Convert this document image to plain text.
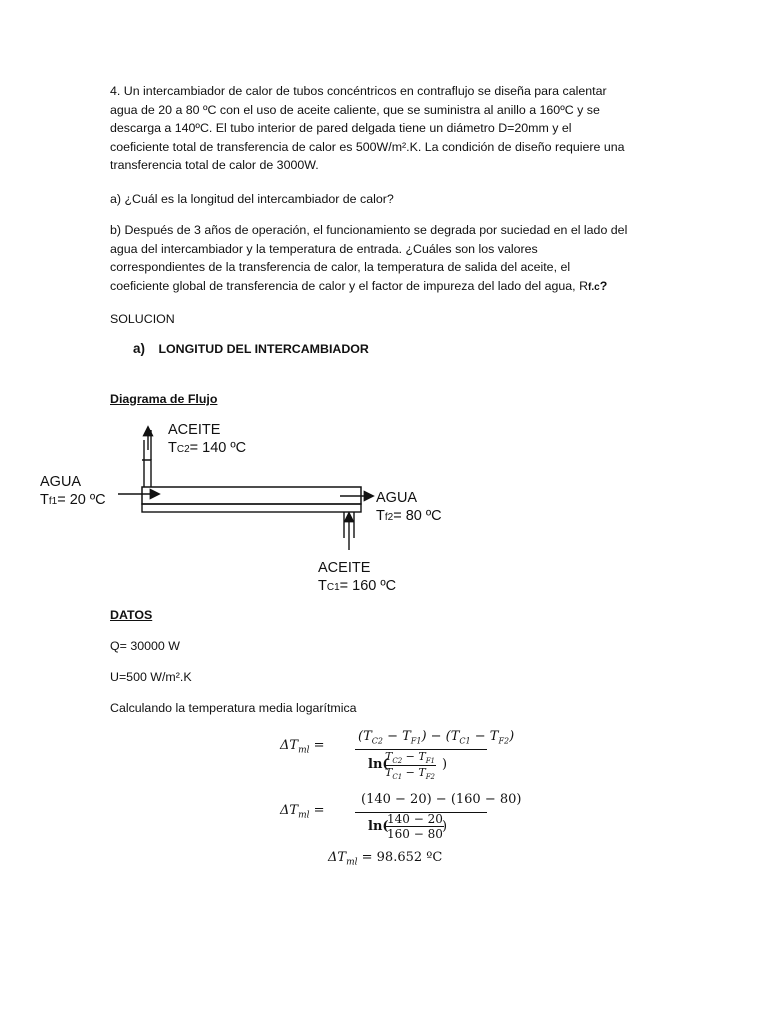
4. Un intercambiador de calor de tubos concéntricos en contraflujo se diseña para calentar
agua de 20 a 80 ºC con el uso de aceite caliente, que se suministra al anillo a 160ºC y se
descarga a 140ºC. El tubo interior de pared delgada tiene un diámetro D=20mm y el
coeficiente total de transferencia de calor es 500W/m².K. La condición de diseño requiere una
transferencia total de calor de 3000W.
a) ¿Cuál es la longitud del intercambiador de calor?
b) Después de 3 años de operación, el funcionamiento se degrada por suciedad en el lado del
agua del intercambiador y la temperatura de entrada. ¿Cuáles son los valores
correspondientes de la transferencia de calor, la temperatura de salida del aceite, el
coeficiente global de transferencia de calor y el factor de impureza del lado del agua, Rf.c?
SOLUCION
a) LONGITUD DEL INTERCAMBIADOR
Diagrama de Flujo
ACEITE
TC2= 140 ºC
AGUA
Tf1= 20 ºC	AGUA
Tf2= 80 ºC
ACEITE
TC1= 160 ºC
DATOS
Q= 30000 W
U=500 W/m².K
Calculando la temperatura media logarítmica
$\Delta T_{ml}$ =
$(T_{C2} - T_{F1}) - (T_{C1} - T_{F2})$
ln(
$T_{C2} - T_{F1}$
$T_{C1} - T_{F2}$
)
$\Delta T_{ml}$ =
(140 − 20) − (160 − 80)
ln(
140 − 20
160 − 80 )
$\Delta T_{ml} = 98.652$ ºC
